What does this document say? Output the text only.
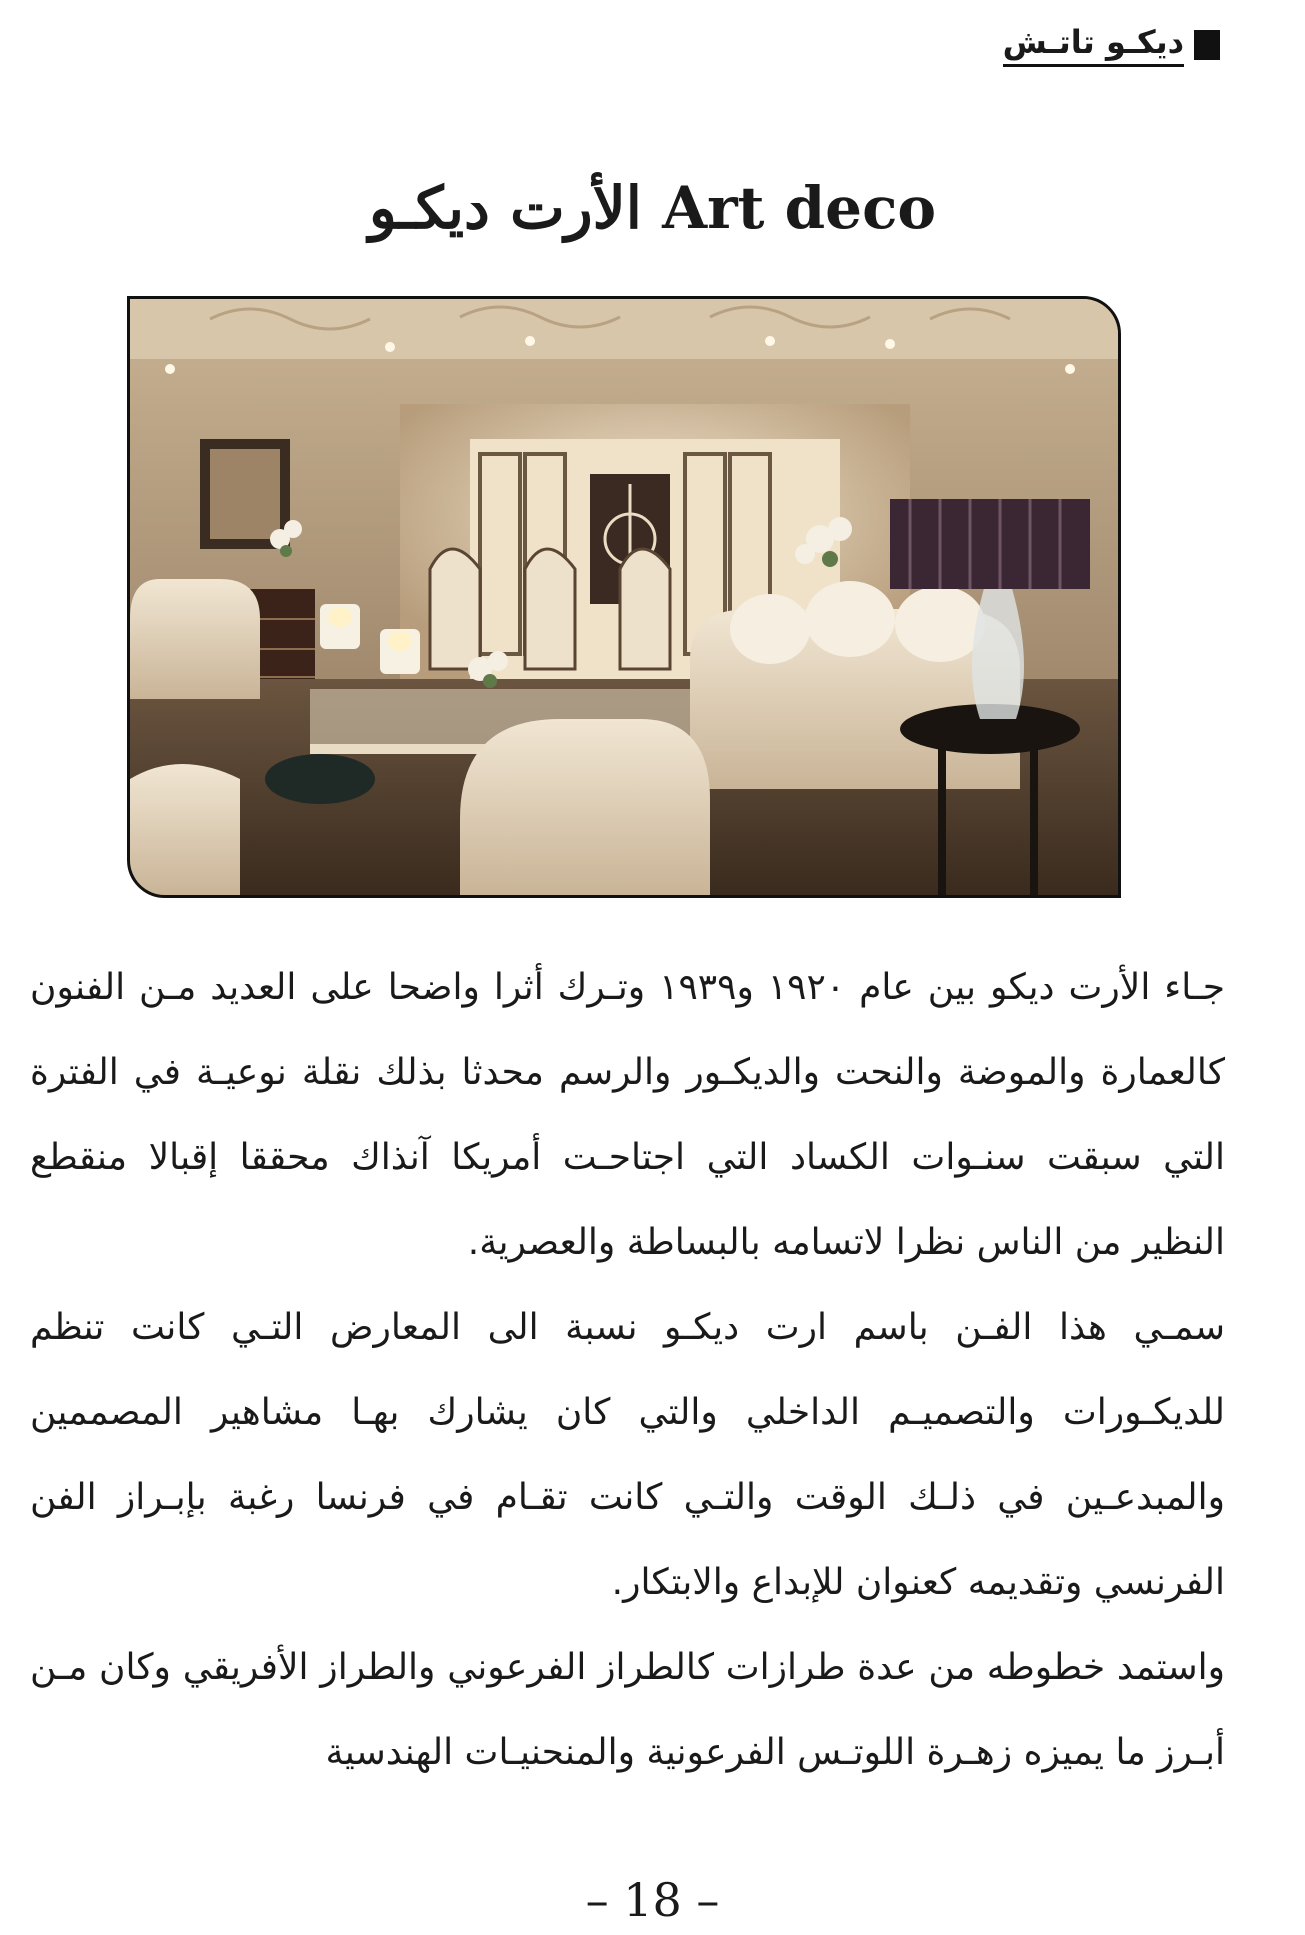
ديكـو تاتـش
الأرت ديكـو Art deco

جـاء الأرت ديكو بين عام ١٩٢٠ و١٩٣٩ وتـرك أثرا واضحا على العديد مـن الفنون كالعمارة والموضة والنحت والديكـور والرسم محدثا بذلك نقلة نوعيـة في الفترة التي سبقت سنـوات الكساد التي اجتاحـت أمريكا آنذاك محققا إقبالا منقطع النظير من الناس نظرا لاتسامه بالبساطة والعصرية.

سمـي هذا الفـن باسم ارت ديكـو نسبة الى المعارض التـي كانت تنظم للديكـورات والتصميـم الداخلي والتي كان يشارك بهـا مشاهير المصممين والمبدعـين في ذلـك الوقت والتـي كانت تقـام في فرنسا رغبة بإبـراز الفن الفرنسي وتقديمه كعنوان للإبداع والابتكار.

واستمد خطوطه من عدة طرازات كالطراز الفرعوني والطراز الأفريقي وكان مـن أبـرز ما يميزه زهـرة اللوتـس الفرعونية والمنحنيـات الهندسية

– 18 –
